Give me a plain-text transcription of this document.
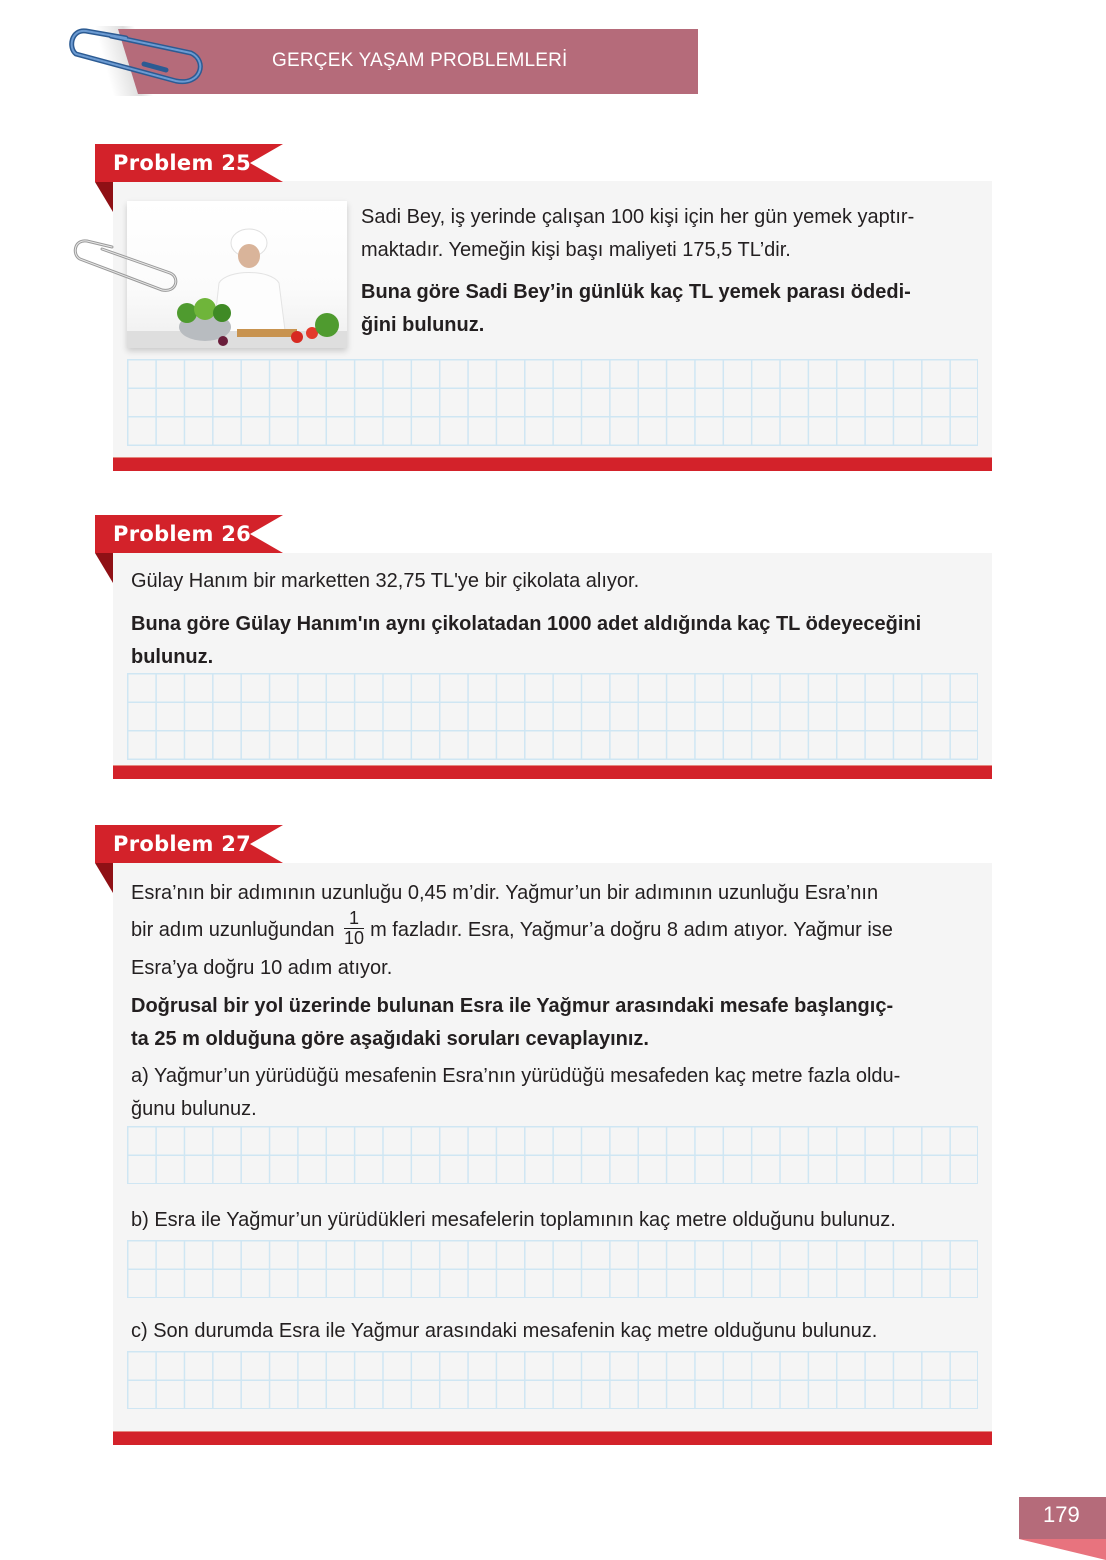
GERÇEK YAŞAM PROBLEMLERİ
Problem 25
Sadi Bey, iş yerinde çalışan 100 kişi için her gün yemek yaptır-
maktadır. Yemeğin kişi başı maliyeti 175,5 TL’dir.
Buna göre Sadi Bey’in günlük kaç TL yemek parası ödedi-
ğini bulunuz.
Problem 26
Gülay Hanım bir marketten 32,75 TL'ye bir çikolata alıyor.
Buna göre Gülay Hanım'ın aynı çikolatadan 1000 adet aldığında kaç TL ödeyeceğini
bulunuz.
Problem 27
Esra’nın bir adımının uzunluğu 0,45 m’dir. Yağmur’un bir adımının uzunluğu Esra’nın
bir adım uzunluğundan $\frac{1}{10}$ m fazladır. Esra, Yağmur’a doğru 8 adım atıyor. Yağmur ise
Esra’ya doğru 10 adım atıyor.
Doğrusal bir yol üzerinde bulunan Esra ile Yağmur arasındaki mesafe başlangıç-
ta 25 m olduğuna göre aşağıdaki soruları cevaplayınız.
a) Yağmur’un yürüdüğü mesafenin Esra’nın yürüdüğü mesafeden kaç metre fazla oldu-
ğunu bulunuz.
b) Esra ile Yağmur’un yürüdükleri mesafelerin toplamının kaç metre olduğunu bulunuz.
c) Son durumda Esra ile Yağmur arasındaki mesafenin kaç metre olduğunu bulunuz.
179
